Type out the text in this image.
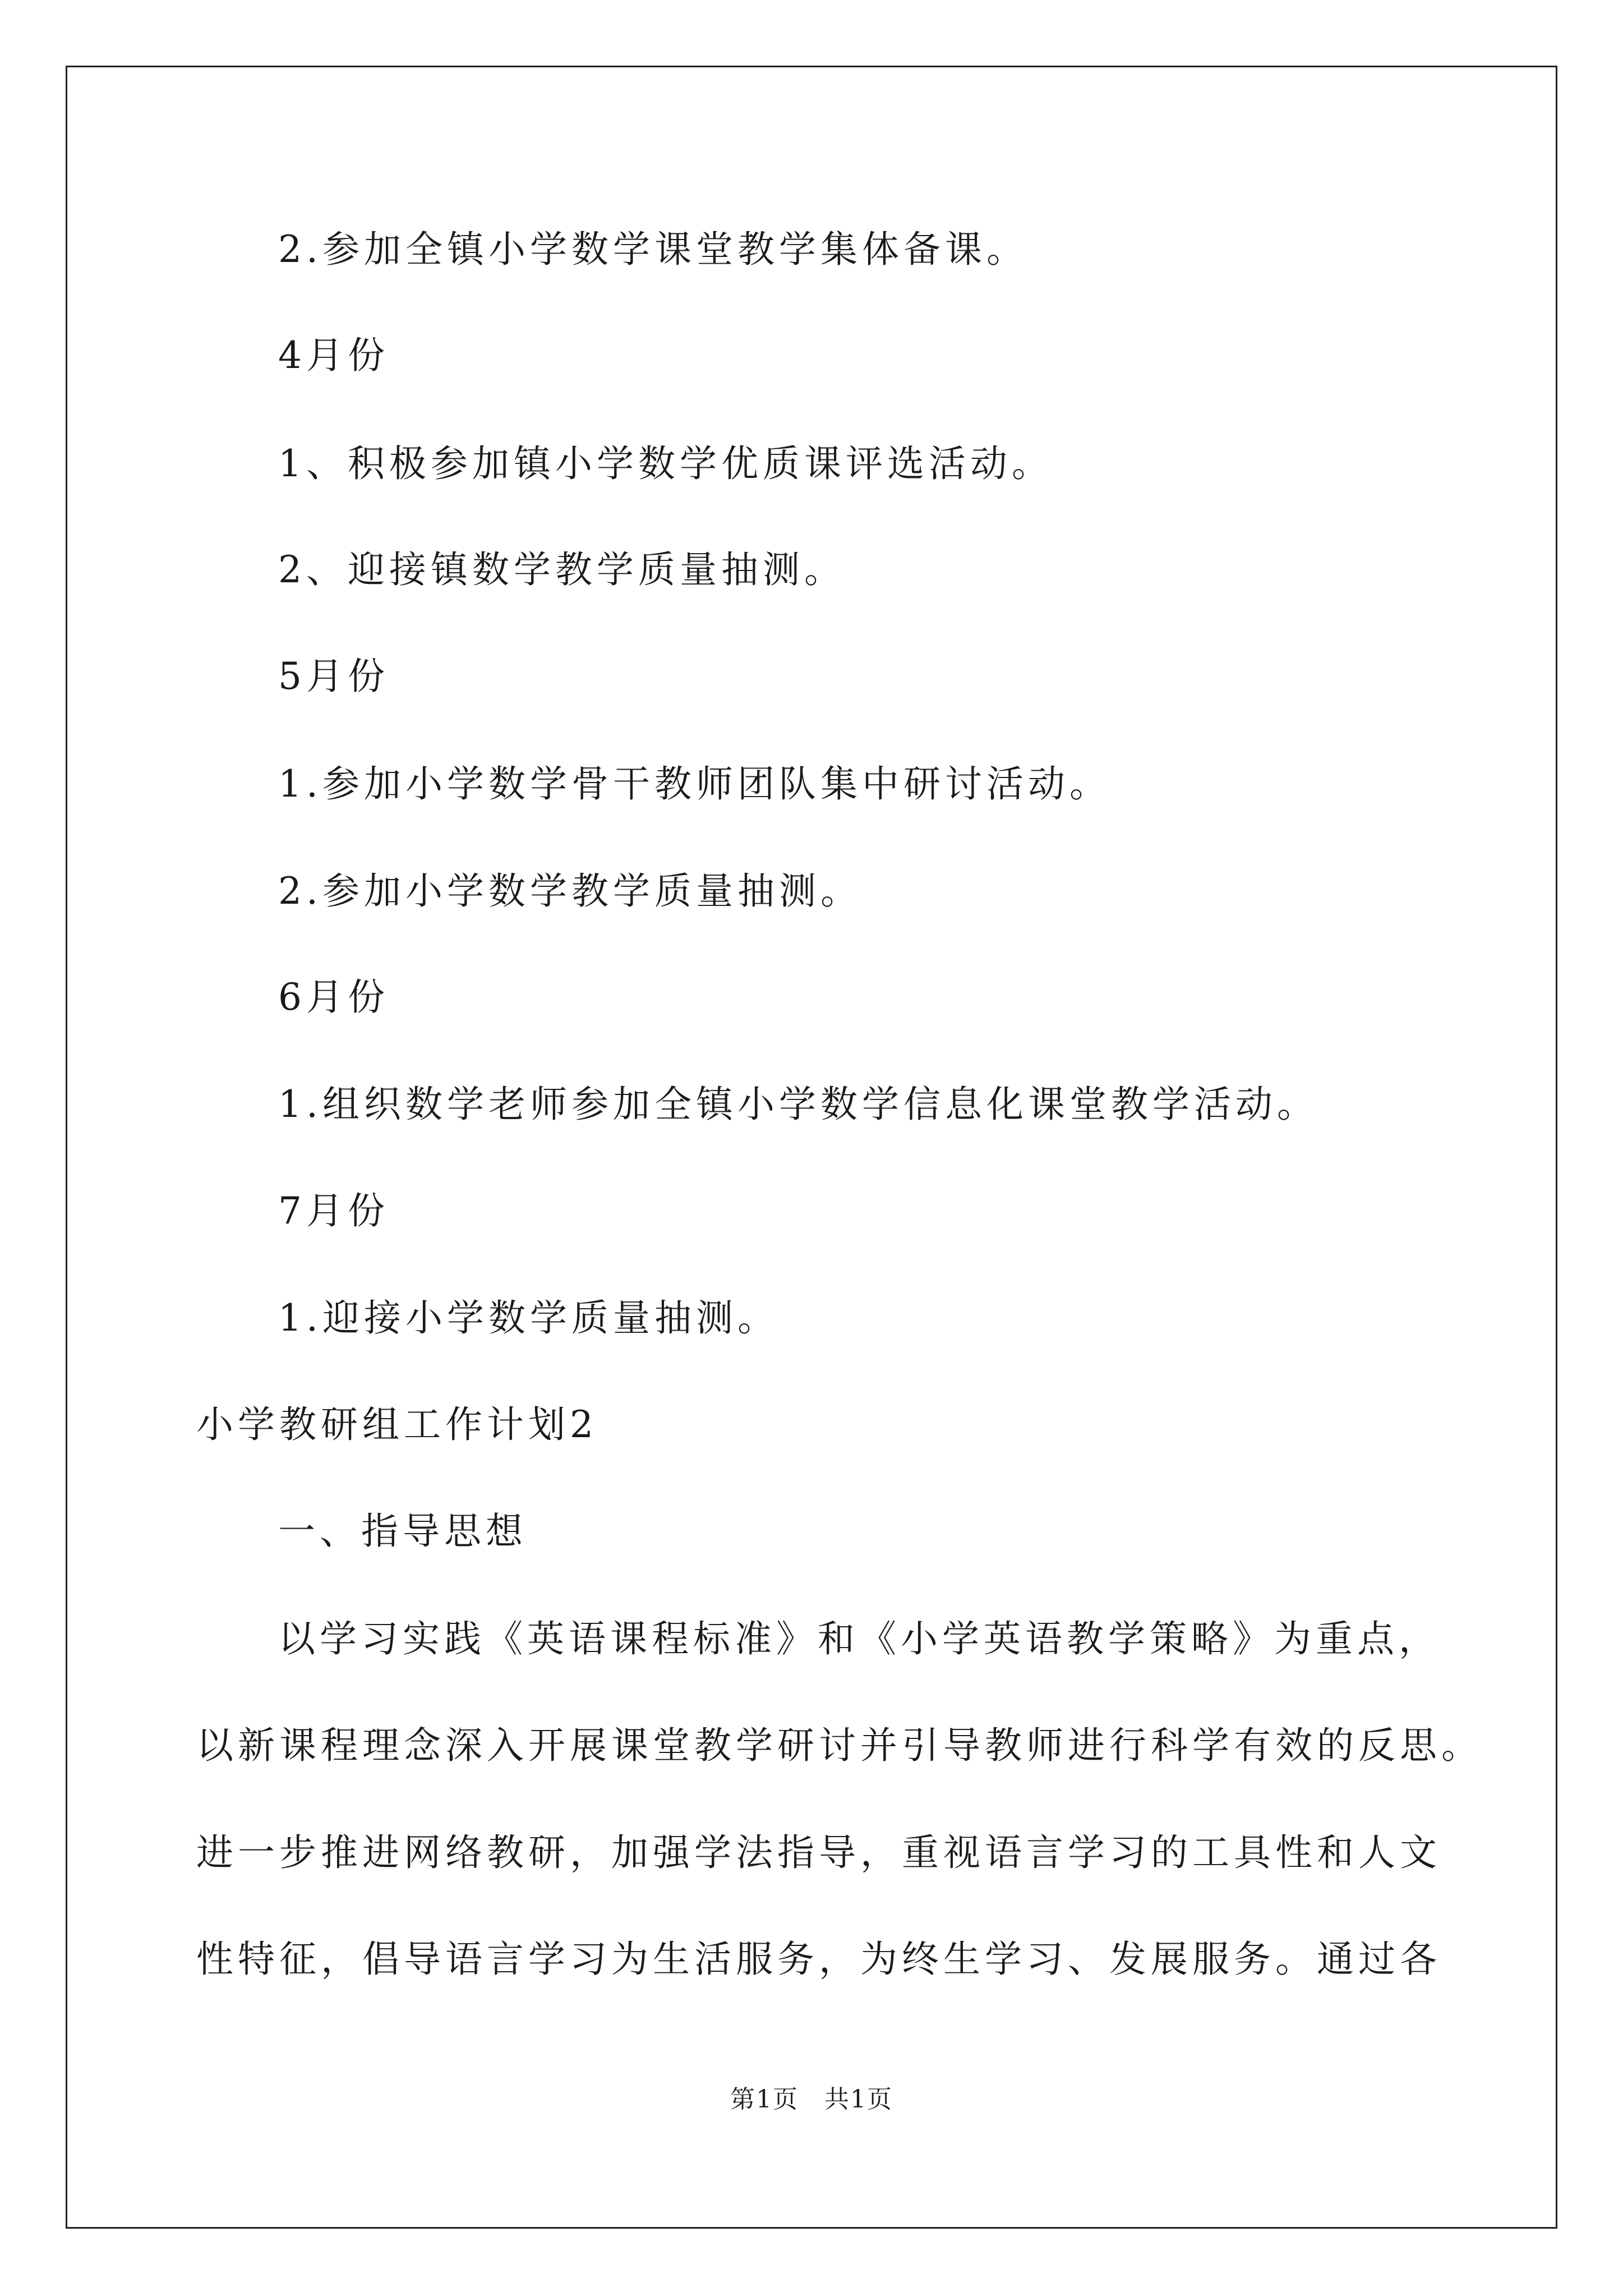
2.参加全镇小学数学课堂教学集体备课。
4月份
1、积极参加镇小学数学优质课评选活动。
2、迎接镇数学教学质量抽测。
5月份
1.参加小学数学骨干教师团队集中研讨活动。
2.参加小学数学教学质量抽测。
6月份
1.组织数学老师参加全镇小学数学信息化课堂教学活动。
7月份
1.迎接小学数学质量抽测。
小学教研组工作计划2
一、指导思想
以学习实践《英语课程标准》和《小学英语教学策略》为重点，
以新课程理念深入开展课堂教学研讨并引导教师进行科学有效的反思。
进一步推进网络教研，加强学法指导，重视语言学习的工具性和人文
性特征，倡导语言学习为生活服务，为终生学习、发展服务。通过各
第1页　共1页
